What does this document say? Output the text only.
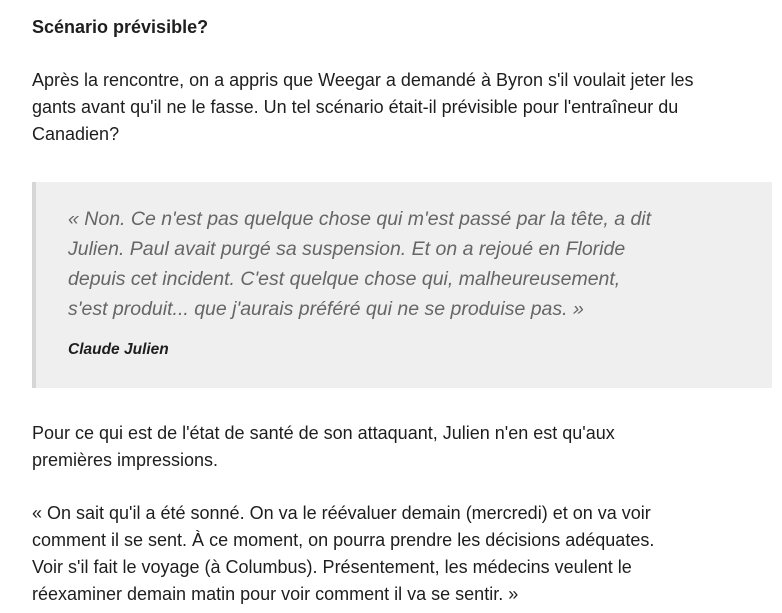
Scénario prévisible?

Après la rencontre, on a appris que Weegar a demandé à Byron s'il voulait jeter les
gants avant qu'il ne le fasse. Un tel scénario était-il prévisible pour l'entraîneur du
Canadien?

« Non. Ce n'est pas quelque chose qui m'est passé par la tête, a dit
Julien. Paul avait purgé sa suspension. Et on a rejoué en Floride
depuis cet incident. C'est quelque chose qui, malheureusement,
s'est produit... que j'aurais préféré qui ne se produise pas. »

Claude Julien

Pour ce qui est de l'état de santé de son attaquant, Julien n'en est qu'aux
premières impressions.

« On sait qu'il a été sonné. On va le réévaluer demain (mercredi) et on va voir
comment il se sent. À ce moment, on pourra prendre les décisions adéquates.
Voir s'il fait le voyage (à Columbus). Présentement, les médecins veulent le
réexaminer demain matin pour voir comment il va se sentir. »
